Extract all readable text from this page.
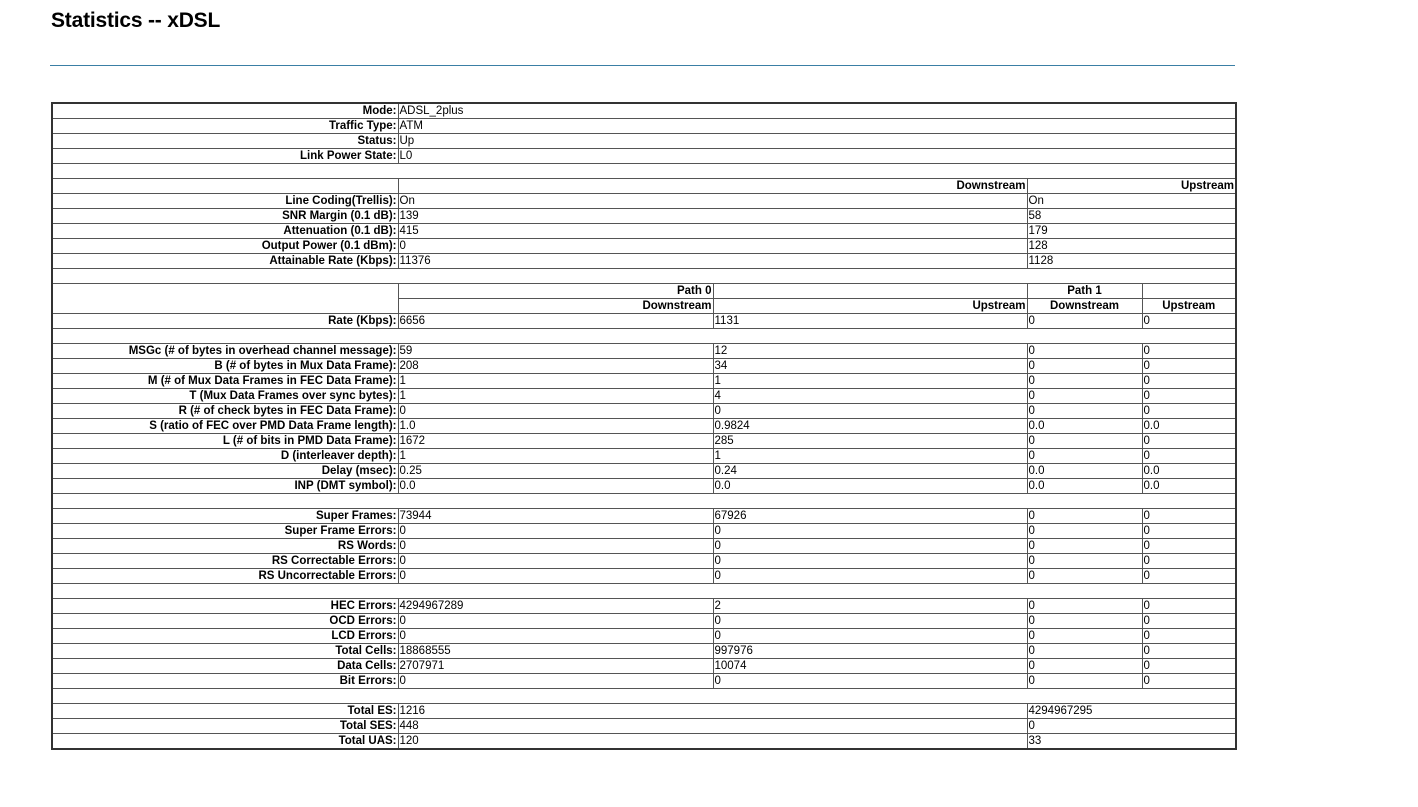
Statistics -- xDSL
Mode:	ADSL_2plus			
Traffic Type:	ATM			
Status:	Up			
Link Power State:	L0			

	Downstream		Upstream	
Line Coding(Trellis):	On		On	
SNR Margin (0.1 dB):	139		58	
Attenuation (0.1 dB):	415		179	
Output Power (0.1 dBm):	0		128	
Attainable Rate (Kbps):	11376		1128	

	Path 0		Path 1	
	Downstream	Upstream	Downstream	Upstream
Rate (Kbps):	6656	1131	0	0

MSGc (# of bytes in overhead channel message):	59	12	0	0
B (# of bytes in Mux Data Frame):	208	34	0	0
M (# of Mux Data Frames in FEC Data Frame):	1	1	0	0
T (Mux Data Frames over sync bytes):	1	4	0	0
R (# of check bytes in FEC Data Frame):	0	0	0	0
S (ratio of FEC over PMD Data Frame length):	1.0	0.9824	0.0	0.0
L (# of bits in PMD Data Frame):	1672	285	0	0
D (interleaver depth):	1	1	0	0
Delay (msec):	0.25	0.24	0.0	0.0
INP (DMT symbol):	0.0	0.0	0.0	0.0

Super Frames:	73944	67926	0	0
Super Frame Errors:	0	0	0	0
RS Words:	0	0	0	0
RS Correctable Errors:	0	0	0	0
RS Uncorrectable Errors:	0	0	0	0

HEC Errors:	4294967289	2	0	0
OCD Errors:	0	0	0	0
LCD Errors:	0	0	0	0
Total Cells:	18868555	997976	0	0
Data Cells:	2707971	10074	0	0
Bit Errors:	0	0	0	0

Total ES:	1216		4294967295	
Total SES:	448		0	
Total UAS:	120		33	
